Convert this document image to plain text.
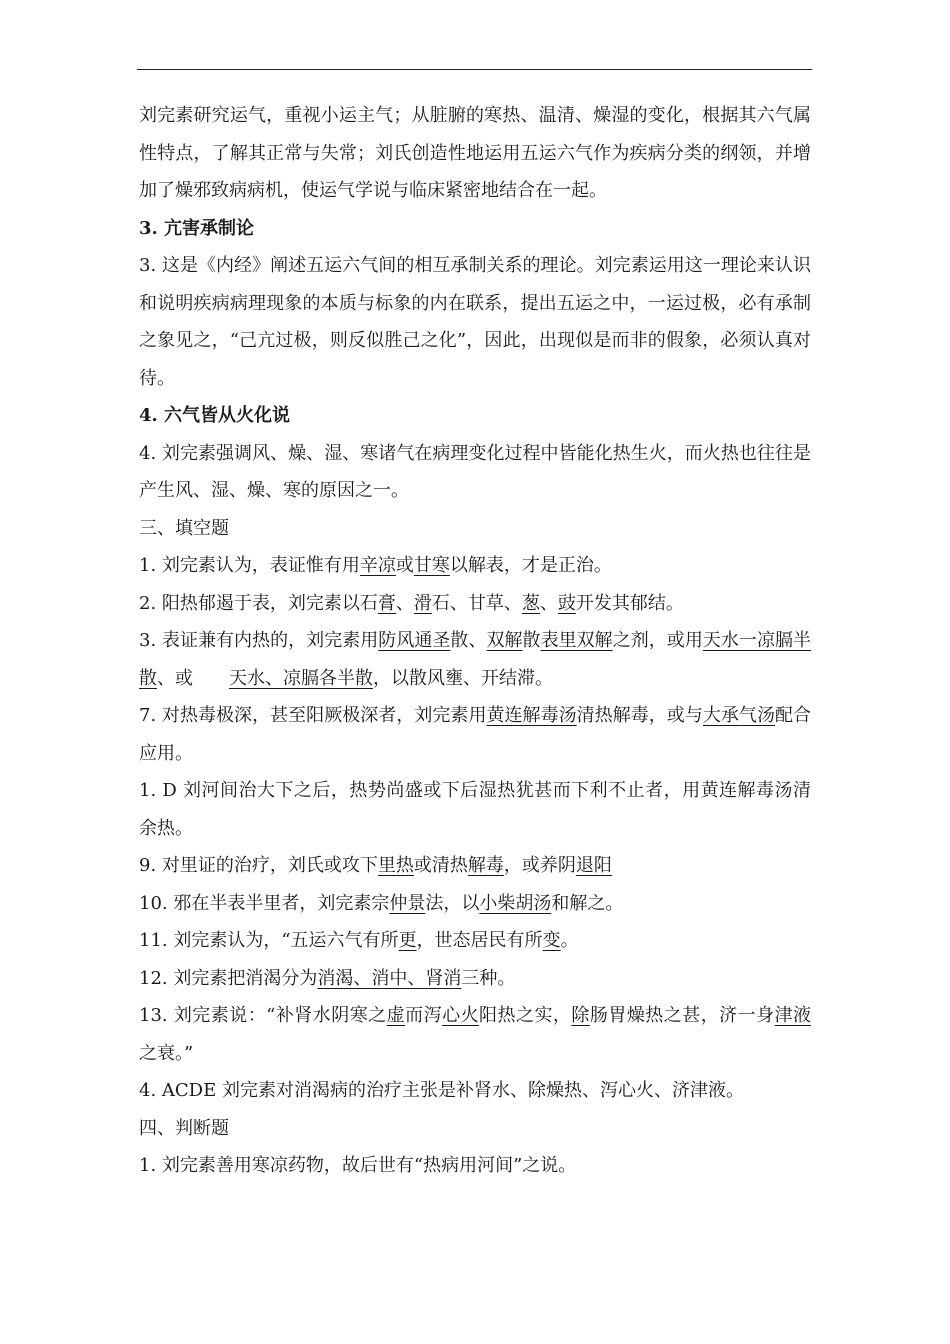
刘完素研究运气，重视小运主气；从脏腑的寒热、温清、燥湿的变化，根据其六气属性特点，了解其正常与失常；刘氏创造性地运用五运六气作为疾病分类的纲领，并增加了燥邪致病病机，使运气学说与临床紧密地结合在一起。

3. 亢害承制论

3. 这是《内经》阐述五运六气间的相互承制关系的理论。刘完素运用这一理论来认识和说明疾病病理现象的本质与标象的内在联系，提出五运之中，一运过极，必有承制之象见之，“己亢过极，则反似胜己之化”，因此，出现似是而非的假象，必须认真对待。

4. 六气皆从火化说

4. 刘完素强调风、燥、湿、寒诸气在病理变化过程中皆能化热生火，而火热也往往是产生风、湿、燥、寒的原因之一。

三、填空题

1. 刘完素认为，表证惟有用辛凉或甘寒以解表，才是正治。

2. 阳热郁遏于表，刘完素以石膏、滑石、甘草、葱、豉开发其郁结。

3. 表证兼有内热的，刘完素用防风通圣散、双解散表里双解之剂，或用天水一凉膈半散、或 天水、凉膈各半散，以散风壅、开结滞。

7. 对热毒极深，甚至阳厥极深者，刘完素用黄连解毒汤清热解毒，或与大承气汤配合应用。

1. D 刘河间治大下之后，热势尚盛或下后湿热犹甚而下利不止者，用黄连解毒汤清余热。

9. 对里证的治疗，刘氏或攻下里热或清热解毒，或养阴退阳

10. 邪在半表半里者，刘完素宗仲景法，以小柴胡汤和解之。

11. 刘完素认为，“五运六气有所更，世态居民有所变。

12. 刘完素把消渴分为消渴、消中、肾消三种。

13. 刘完素说：“补肾水阴寒之虚而泻心火阳热之实，除肠胃燥热之甚，济一身津液之衰。”

4. ACDE 刘完素对消渴病的治疗主张是补肾水、除燥热、泻心火、济津液。

四、判断题

1. 刘完素善用寒凉药物，故后世有“热病用河间”之说。
